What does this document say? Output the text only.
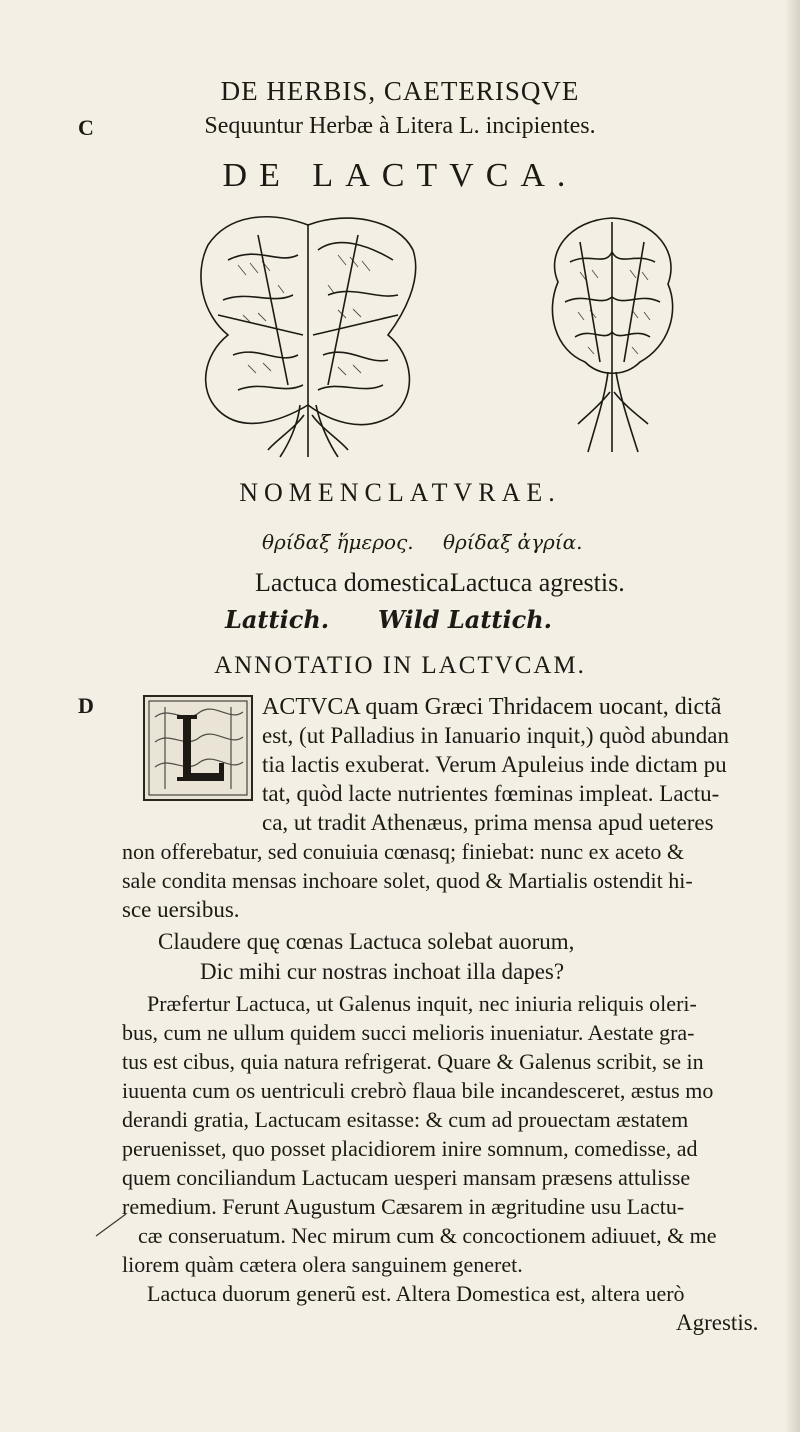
C
D
DE HERBIS, CAETERISQVE
Sequuntur Herbæ à Litera L. incipientes.
DE LACTVCA.
NOMENCLATVRAE.
θρίδαξ ἥμερος. θρίδαξ ἀγρία.
Lactuca domestica.
Lactuca agrestis.
Lattich. Wild Lattich.
ANNOTATIO IN LACTVCAM.
ACTVCA quam Græci Thridacem uocant, dictã
est, (ut Palladius in Ianuario inquit,) quòd abundan
tia lactis exuberat. Verum Apuleius inde dictam pu
tat, quòd lacte nutrientes fœminas impleat. Lactu-
ca, ut tradit Athenæus, prima mensa apud ueteres
non offerebatur, sed conuiuia cœnasq; finiebat: nunc ex aceto &
sale condita mensas inchoare solet, quod & Martialis ostendit hi-
sce uersibus.
Claudere quę cœnas Lactuca solebat auorum,
Dic mihi cur nostras inchoat illa dapes?
Præfertur Lactuca, ut Galenus inquit, nec iniuria reliquis oleri-
bus, cum ne ullum quidem succi melioris inueniatur. Aestate gra-
tus est cibus, quia natura refrigerat. Quare & Galenus scribit, se in
iuuenta cum os uentriculi crebrò flaua bile incandesceret, æstus mo
derandi gratia, Lactucam esitasse: & cum ad prouectam æstatem
peruenisset, quo posset placidiorem inire somnum, comedisse, ad
quem conciliandum Lactucam uesperi mansam præsens attulisse
remedium. Ferunt Augustum Cæsarem in ægritudine usu Lactu-
cæ conseruatum. Nec mirum cum & concoctionem adiuuet, & me
liorem quàm cætera olera sanguinem generet.
Lactuca duorum generũ est. Altera Domestica est, altera uerò
Agrestis.
